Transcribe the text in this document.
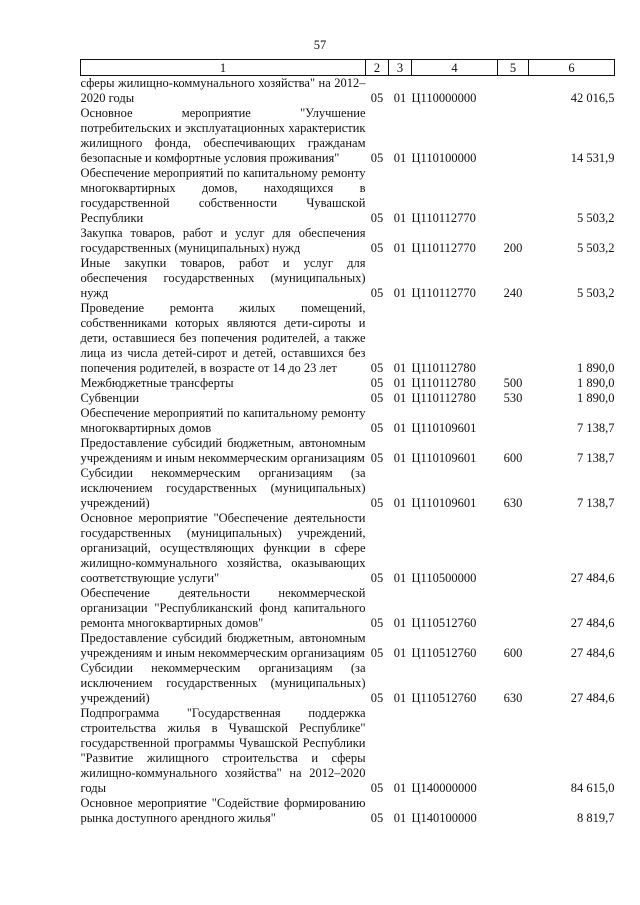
57
1	2	3	4	5	6
сферы жилищно-коммунального хозяйства" на 2012–2020 годы	05	01	Ц110000000		42 016,5
Основное мероприятие "Улучшение потребительских и эксплуатационных характеристик жилищного фонда, обеспечивающих гражданам безопасные и комфортные условия проживания"	05	01	Ц110100000		14 531,9
Обеспечение мероприятий по капитальному ремонту многоквартирных домов, находящихся в государственной собственности Чувашской Республики	05	01	Ц110112770		5 503,2
Закупка товаров, работ и услуг для обеспечения государственных (муниципальных) нужд	05	01	Ц110112770	200	5 503,2
Иные закупки товаров, работ и услуг для обеспечения государственных (муниципальных) нужд	05	01	Ц110112770	240	5 503,2
Проведение ремонта жилых помещений, собственниками которых являются дети-сироты и дети, оставшиеся без попечения родителей, а также лица из числа детей-сирот и детей, оставшихся без попечения родителей, в возрасте от 14 до 23 лет	05	01	Ц110112780		1 890,0
Межбюджетные трансферты	05	01	Ц110112780	500	1 890,0
Субвенции	05	01	Ц110112780	530	1 890,0
Обеспечение мероприятий по капитальному ремонту многоквартирных домов	05	01	Ц110109601		7 138,7
Предоставление субсидий бюджетным, автономным учреждениям и иным некоммерческим организациям	05	01	Ц110109601	600	7 138,7
Субсидии некоммерческим организациям (за исключением государственных (муниципальных) учреждений)	05	01	Ц110109601	630	7 138,7
Основное мероприятие "Обеспечение деятельности государственных (муниципальных) учреждений, организаций, осуществляющих функции в сфере жилищно-коммунального хозяйства, оказывающих соответствующие услуги"	05	01	Ц110500000		27 484,6
Обеспечение деятельности некоммерческой организации "Республиканский фонд капитального ремонта многоквартирных домов"	05	01	Ц110512760		27 484,6
Предоставление субсидий бюджетным, автономным учреждениям и иным некоммерческим организациям	05	01	Ц110512760	600	27 484,6
Субсидии некоммерческим организациям (за исключением государственных (муниципальных) учреждений)	05	01	Ц110512760	630	27 484,6
Подпрограмма "Государственная поддержка строительства жилья в Чувашской Республике" государственной программы Чувашской Республики "Развитие жилищного строительства и сферы жилищно-коммунального хозяйства" на 2012–2020 годы	05	01	Ц140000000		84 615,0
Основное мероприятие "Содействие формированию рынка доступного арендного жилья"	05	01	Ц140100000		8 819,7
